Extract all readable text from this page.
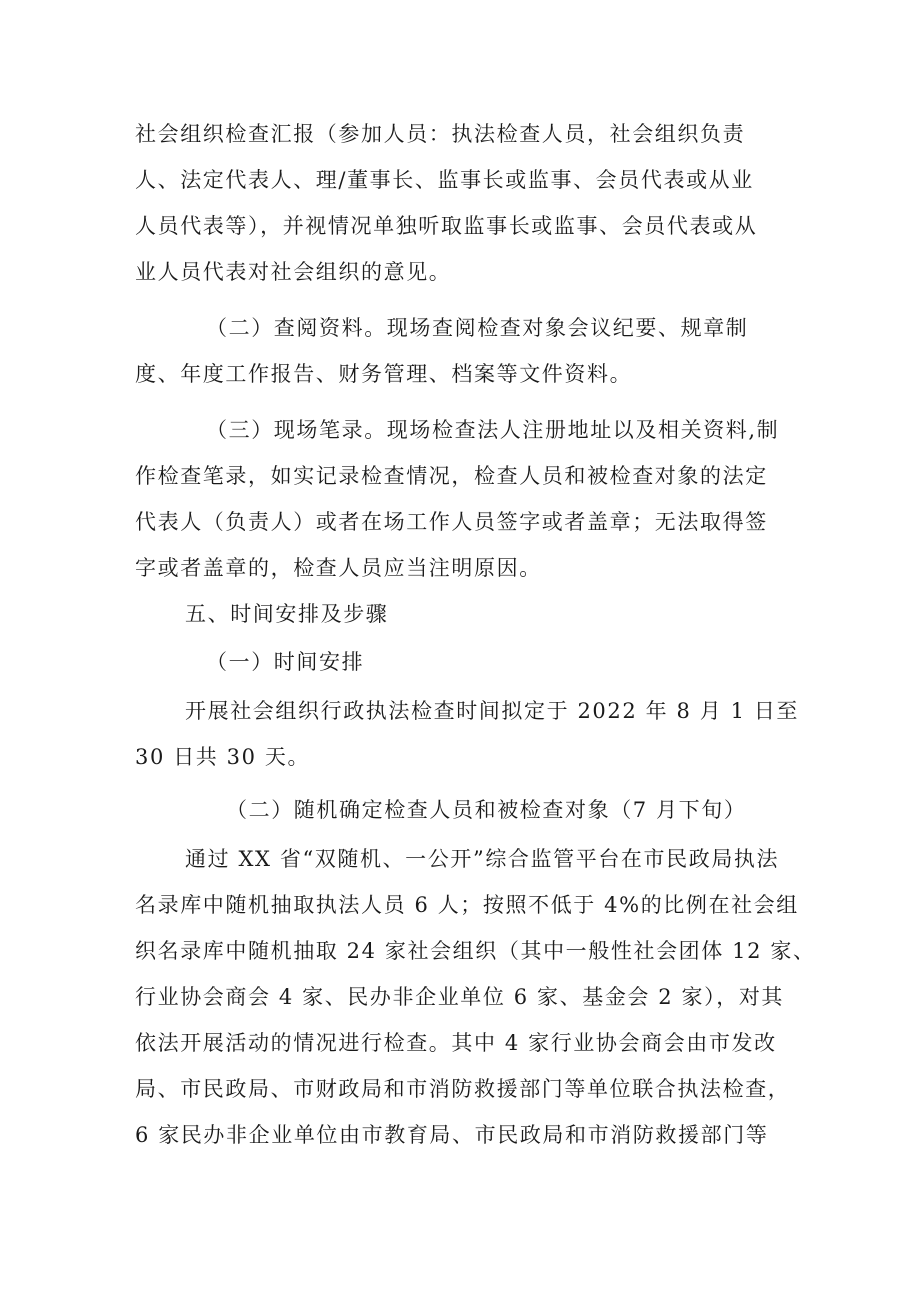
社会组织检查汇报（参加人员：执法检查人员，社会组织负责
人、法定代表人、理/董事长、监事长或监事、会员代表或从业
人员代表等），并视情况单独听取监事长或监事、会员代表或从
业人员代表对社会组织的意见。
（二）查阅资料。现场查阅检查对象会议纪要、规章制
度、年度工作报告、财务管理、档案等文件资料。
（三）现场笔录。现场检查法人注册地址以及相关资料,制
作检查笔录，如实记录检查情况，检查人员和被检查对象的法定
代表人（负责人）或者在场工作人员签字或者盖章；无法取得签
字或者盖章的，检查人员应当注明原因。
五、时间安排及步骤
（一）时间安排
开展社会组织行政执法检查时间拟定于 2022 年 8 月 1 日至
30 日共 30 天。
（二）随机确定检查人员和被检查对象（7 月下旬）
通过 XX 省“双随机、一公开”综合监管平台在市民政局执法
名录库中随机抽取执法人员 6 人；按照不低于 4%的比例在社会组
织名录库中随机抽取 24 家社会组织（其中一般性社会团体 12 家、
行业协会商会 4 家、民办非企业单位 6 家、基金会 2 家），对其
依法开展活动的情况进行检查。其中 4 家行业协会商会由市发改
局、市民政局、市财政局和市消防救援部门等单位联合执法检查，
6 家民办非企业单位由市教育局、市民政局和市消防救援部门等
